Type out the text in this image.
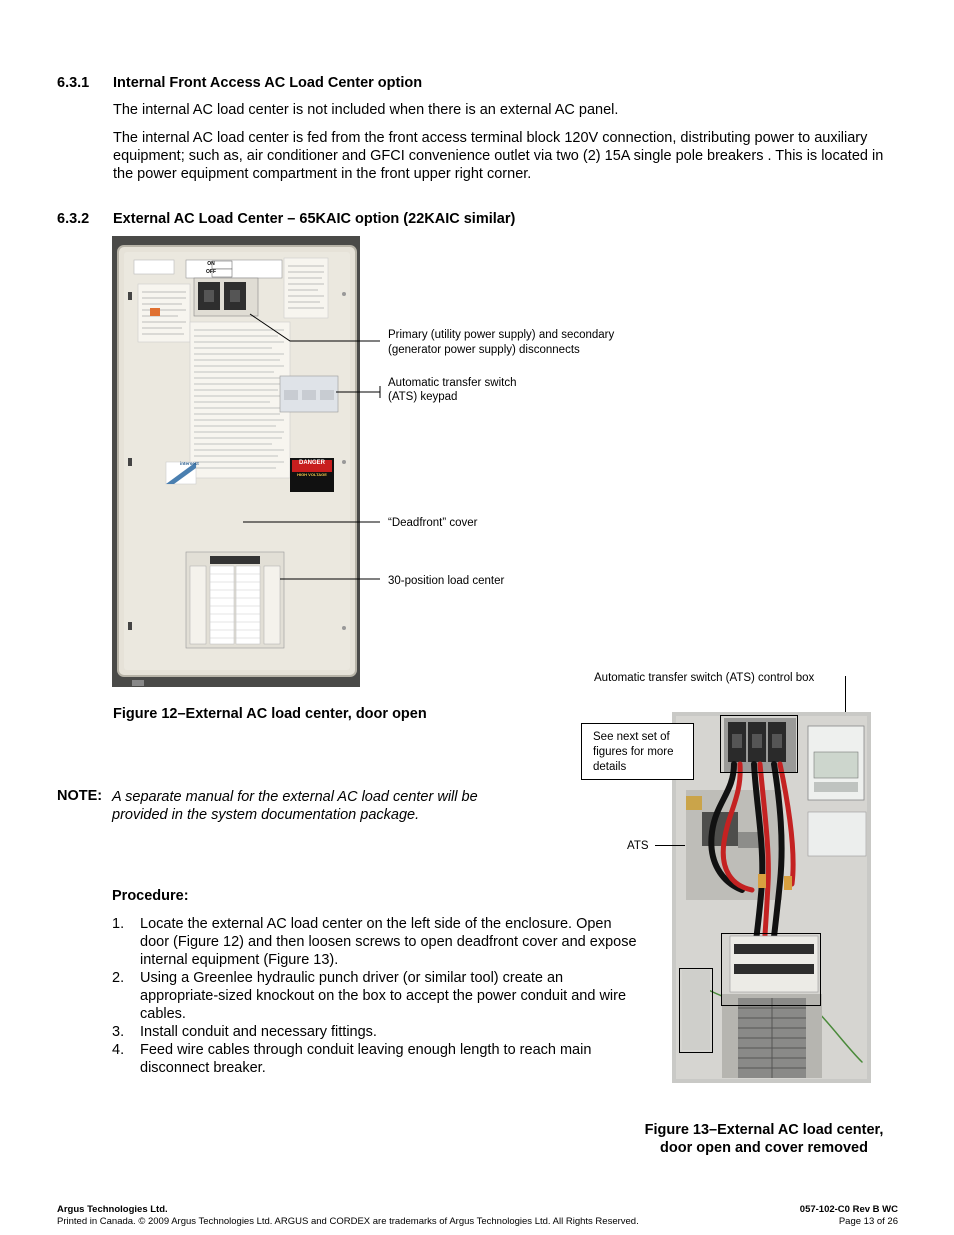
6.3.1 Internal Front Access AC Load Center option
The internal AC load center is not included when there is an external AC panel.
The internal AC load center is fed from the front access terminal block 120V connection, distributing power to auxiliary equipment; such as, air conditioner and GFCI convenience outlet via two (2) 15A single pole breakers . This is located in the power equipment compartment in the front upper right corner.
6.3.2 External AC Load Center – 65KAIC option (22KAIC similar)
ON
OFF
intersect	DANGER
HIGH VOLTAGE
Primary (utility power supply) and secondary
(generator power supply) disconnects
Automatic transfer switch
(ATS) keypad
“Deadfront” cover
30-position load center
Figure 12–External AC load center, door open
NOTE: A separate manual for the external AC load center will be provided in the system documentation package.
Procedure:
1. Locate the external AC load center on the left side of the enclosure. Open door (Figure 12) and then loosen screws to open deadfront cover and expose internal equipment (Figure 13).
2. Using a Greenlee hydraulic punch driver (or similar tool) create an appropriate-sized knockout on the box to accept the power conduit and wire cables.
3. Install conduit and necessary fittings.
4. Feed wire cables through conduit leaving enough length to reach main disconnect breaker.
Automatic transfer switch (ATS) control box
See next set of figures for more details
ATS
Figure 13–External AC load center,
door open and cover removed
Argus Technologies Ltd.	057-102-C0 Rev B WC
Printed in Canada. © 2009 Argus Technologies Ltd. ARGUS and CORDEX are trademarks of Argus Technologies Ltd. All Rights Reserved.	Page 13 of 26
